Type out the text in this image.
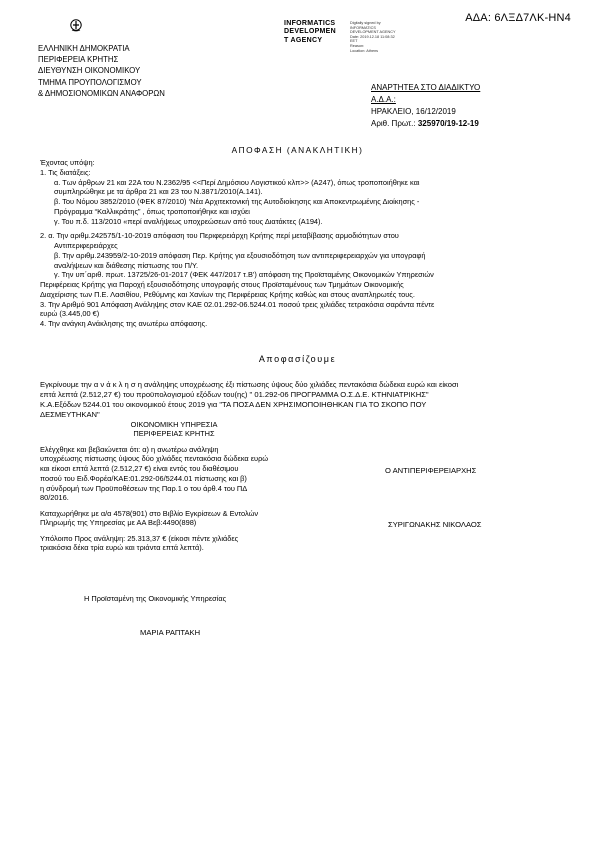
ΑΔΑ: 6ΛΞΔ7ΛΚ-ΗΝ4
ΕΛΛΗΝΙΚΗ ΔΗΜΟΚΡΑΤΙΑ
ΠΕΡΙΦΕΡΕΙΑ ΚΡΗΤΗΣ
ΔΙΕΥΘΥΝΣΗ ΟΙΚΟΝΟΜΙΚΟΥ
ΤΜΗΜΑ ΠΡΟΥΠΟΛΟΓΙΣΜΟΥ
& ΔΗΜΟΣΙΟΝΟΜΙΚΩΝ ΑΝΑΦΟΡΩΝ
INFORMATICS
DEVELOPMEN
T AGENCY
Digitally signed by
INFORMATICS
DEVELOPMENT AGENCY
Date: 2019.12.18 11:08:32
EET
Reason:
Location: Athens
ΑΝΑΡΤΗΤΕΑ ΣΤΟ ΔΙΑΔΙΚΤΥΟ
Α.Δ.Α.:
ΗΡΑΚΛΕΙΟ, 16/12/2019
Αριθ. Πρωτ.: 325970/19-12-19
ΑΠΟΦΑΣΗ (ΑΝΑΚΛΗΤΙΚΗ)
Έχοντας υπόψη:
1. Τις διατάξεις:
α. Των άρθρων 21 και 22Α του Ν.2362/95 <<Περί Δημόσιου Λογιστικού κλπ>> (Α247), όπως τροποποιήθηκε και
συμπληρώθηκε με τα άρθρα 21 και 23 του Ν.3871/2010(Α.141).
β. Του Νόμου 3852/2010 (ΦΕΚ 87/2010) ‘Νέα Αρχιτεκτονική της Αυτοδιοίκησης και Αποκεντρωμένης Διοίκησης -
Πρόγραμμα “Καλλικράτης” , όπως τροποποιήθηκε και ισχύει
γ. Του π.δ. 113/2010 «περί αναλήψεως υποχρεώσεων από τους Διατάκτες (Α194).
2. α. Την αριθμ.242575/1-10-2019 απόφαση του Περιφερειάρχη Κρήτης περί μεταβίβασης αρμοδιότητων στου
Αντιπεριφερειάρχες
β. Την αριθμ.243959/2-10-2019 απόφαση Περ. Κρήτης για εξουσιοδότηση των αντιπεριφερειαρχών για υπογραφή
αναλήψεων και διάθεσης πίστωσης του Π/Υ.
γ. Την υπ΄αριθ. πρωτ. 13725/26-01-2017 (ΦΕΚ 447/2017 τ.Β') απόφαση της Προϊσταμένης Οικονομικών Υπηρεσιών
Περιφέρειας Κρήτης για Παροχή εξουσιοδότησης υπογραφής στους Προϊσταμένους των Τμημάτων Οικονομικής
Διαχείρισης των Π.Ε. Λασιθίου, Ρεθύμνης και Χανίων της Περιφέρειας Κρήτης καθώς και στους αναπληρωτές τους.
3. Την Αριθμό 901 Απόφαση Ανάληψης στον ΚΑΕ 02.01.292-06.5244.01 ποσού τρεις χιλιάδες τετρακόσια σαράντα πέντε
ευρώ (3.445,00 €)
4. Την ανάγκη Ανάκλησης της ανωτέρω απόφασης.
Αποφασίζουμε
Εγκρίνουμε την α ν ά κ λ η σ η ανάληψης υποχρέωσης έξι πίστωσης ύψους δύο χιλιάδες πεντακόσια δώδεκα ευρώ και είκοσι
επτά λεπτά (2.512,27 €) του προϋπολογισμού εξόδων του(ης) " 01.292-06 ΠΡΟΓΡΑΜΜΑ Ο.Σ.Δ.Ε. ΚΤΗΝΙΑΤΡΙΚΗΣ"
Κ.Α.Εξόδων 5244.01 του οικονομικού έτους 2019 για "ΤΑ ΠΟΣΑ ΔΕΝ ΧΡΗΣΙΜΟΠΟΙΗΘΗΚΑΝ ΓΙΑ ΤΟ ΣΚΟΠΟ ΠΟΥ
ΔΕΣΜΕΥΤΗΚΑΝ"
ΟΙΚΟΝΟΜΙΚΗ ΥΠΗΡΕΣΙΑ
ΠΕΡΙΦΕΡΕΙΑΣ ΚΡΗΤΗΣ
Ελέγχθηκε και βεβαιώνεται ότι: α) η ανωτέρω ανάληψη
υποχρέωσης πίστωσης ύψους δύο χιλιάδες πεντακόσια δώδεκα ευρώ
και είκοσι επτά λεπτά (2.512,27 €) είναι εντός του διαθέσιμου
ποσού του Ειδ.Φορέα/ΚΑΕ:01.292-06/5244.01 πίστωσης και β)
η σύνδρομή των Προϋποθέσεων της Παρ.1 ο του άρθ.4 του ΠΔ
80/2016.
Καταχωρήθηκε με α/α 4578(901) στο Βιβλίο Εγκρίσεων & Εντολών
Πληρωμής της Υπηρεσίας με ΑΑ Βεβ:4490(898)
Υπόλοιπο Προς ανάληψη: 25.313,37 € (είκοσι πέντε χιλιάδες
τριακόσια δέκα τρία ευρώ και τριάντα επτά λεπτά).
Ο ΑΝΤΙΠΕΡΙΦΕΡΕΙΑΡΧΗΣ
ΣΥΡΙΓΩΝΑΚΗΣ ΝΙΚΟΛΑΟΣ
Η Προϊσταμένη της Οικονομικής Υπηρεσίας
ΜΑΡΙΑ ΡΑΠΤΑΚΗ
